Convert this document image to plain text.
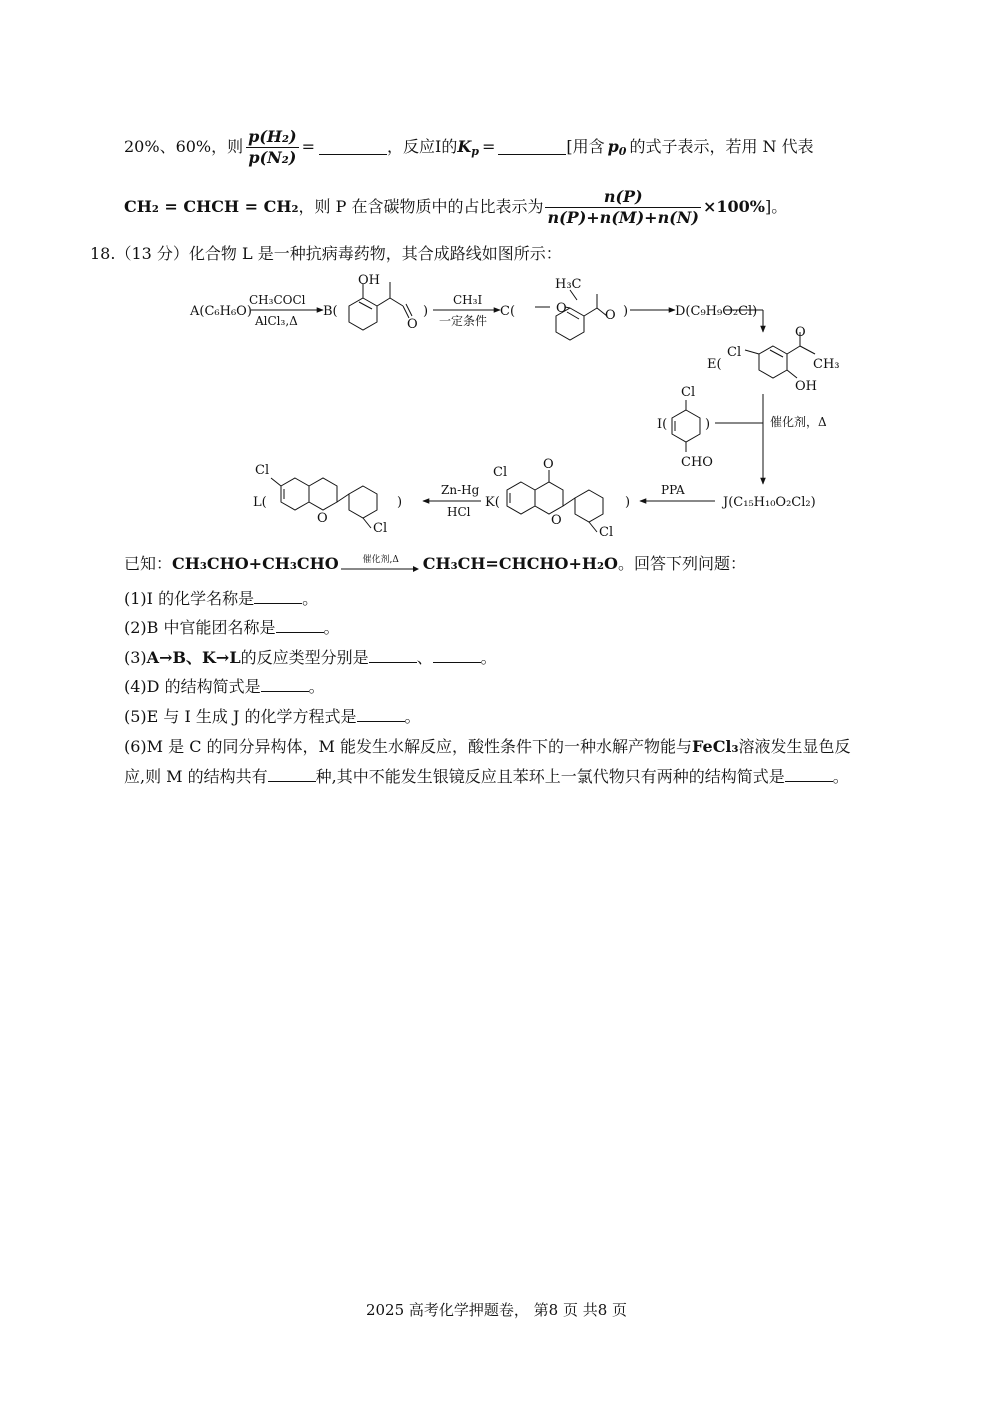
20%、60%，则 $\frac{\text{p(H₂)}}{\text{p(N₂)}}$ =	，反应Ⅰ的 $K_p$ =	[用含 $p_0$ 的式子表示，若用 N 代表
CH₂ = CHCH = CH₂ ，则 P 在含碳物质中的占比表示为 $\frac{n(P)}{n(P)+n(M)+n(N)} \times 100\%$ ]。
18.（13 分）化合物 L 是一种抗病毒药物，其合成路线如图所示：
A(C₆H₆O)
CH₃COCl
AlCl₃,Δ
B(
OH
O
)
CH₃I
一定条件
C(
H₃C
O	O )	D(C₉H₉O₂Cl)
E(
Cl
O
CH₃
OH
I(
Cl
CHO
)	催化剂，Δ
J(C₁₅H₁₀O₂Cl₂)
PPA
K(
Cl
O
O
Cl
)
Zn-Hg
HCl
L(
Cl
O
Cl
)
已知： CH₃CHO+CH₃CHO	催化剂,Δ CH₃CH=CHCHO+H₂O 。回答下列问题：
(1)I 的化学名称是	。
(2)B 中官能团名称是	。
(3)A→B、K→L的反应类型分别是	、	。
(4)D 的结构简式是	。
(5)E 与 I 生成 J 的化学方程式是	。
(6)M 是 C 的同分异构体，M 能发生水解反应，酸性条件下的一种水解产物能与FeCl₃溶液发生显色反
应,则 M 的结构共有	种,其中不能发生银镜反应且苯环上一氯代物只有两种的结构简式是	。
2025 高考化学押题卷， 第8 页 共8 页
